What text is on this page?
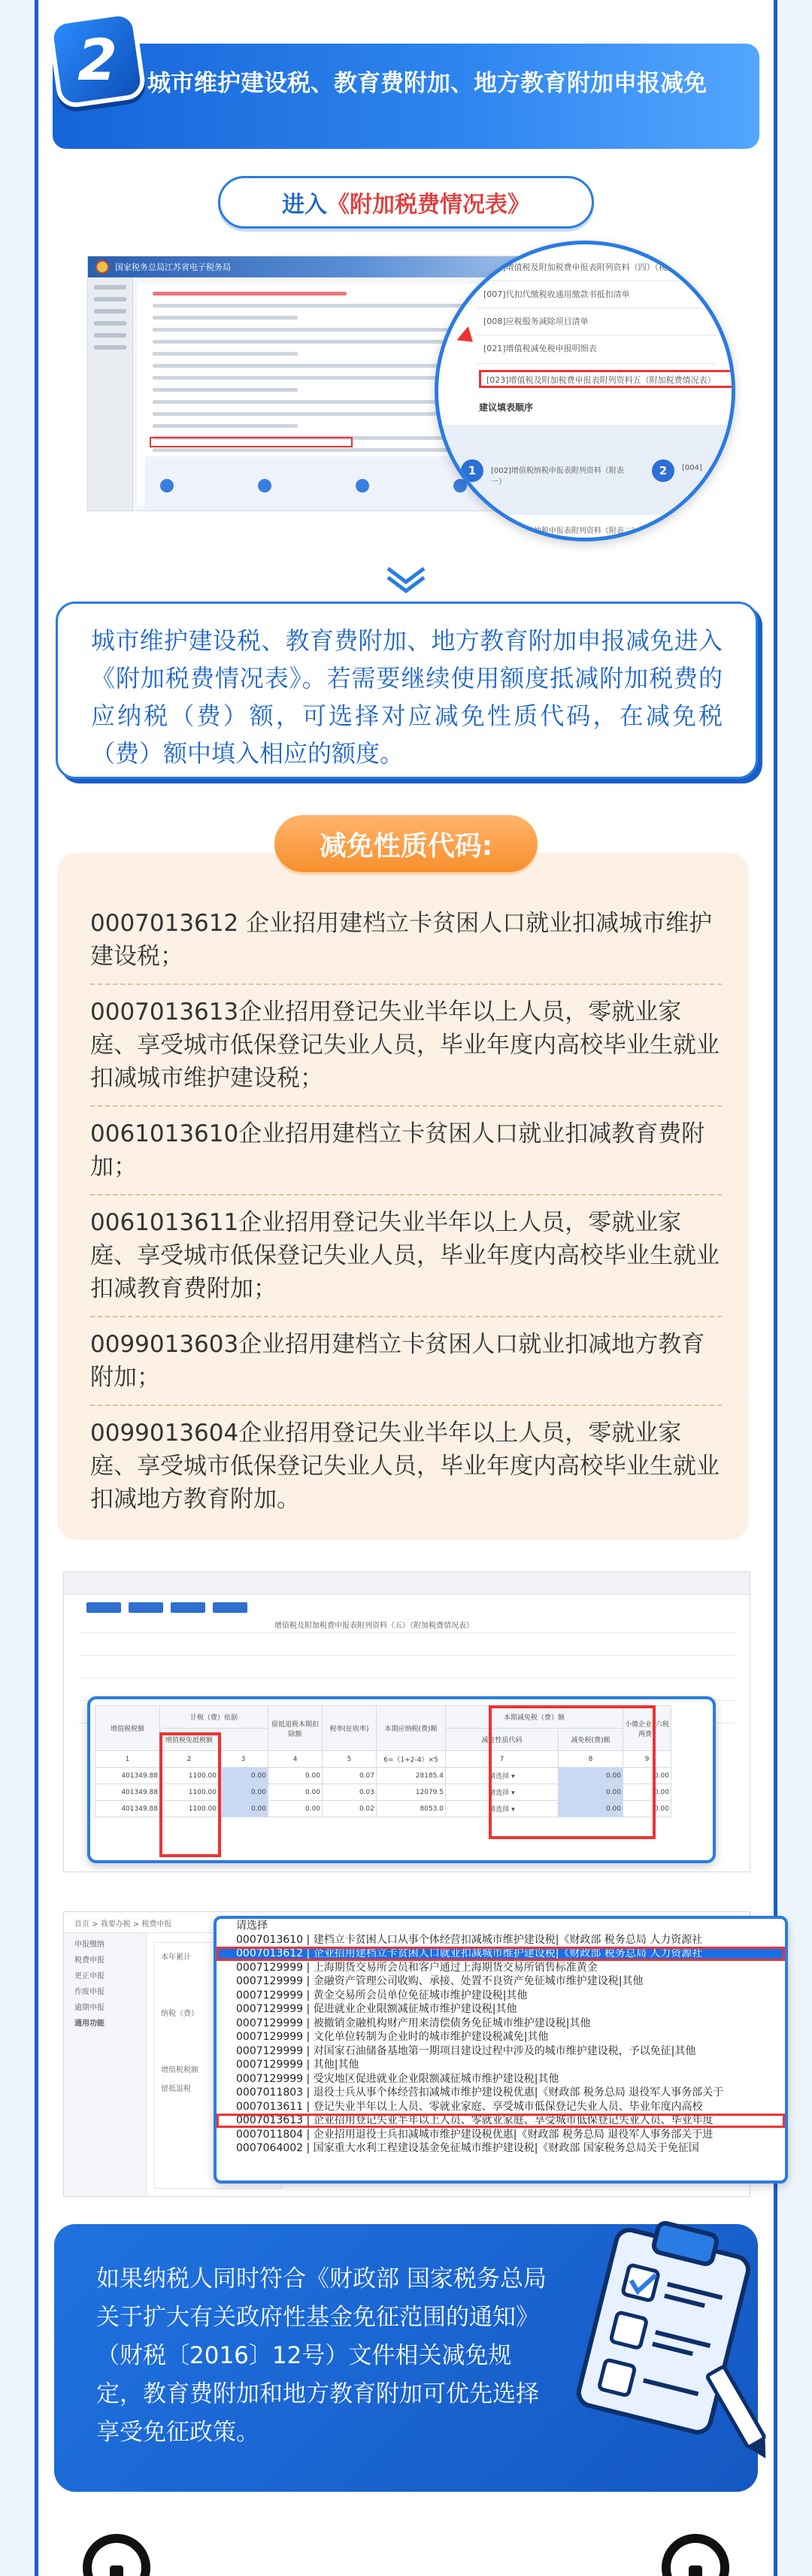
2 城市维护建设税、教育费附加、地方教育附加申报减免
进入 《附加税费情况表》
国家税务总局江苏省电子税务局	[019]增值税及附加税费申报表附列资料（四）（税额抵减...
[007]代扣代缴税收通用缴款书抵扣清单
[008]应税服务减除项目清单
[021]增值税减免税申报明细表
[023]增值税及附加税费申报表附列资料五（附加税费情况表）
建议填表顺序
1	[002]增值税纳税申报表附列资料（附表一）
2	[004]
[005]增值税纳税申报表附列资料（附表二）
城市维护建设税、教育费附加、地方教育附加申报减免进入《附加税费情况表》。若需要继续使用额度抵减附加税费的应纳税（费）额，可选择对应减免性质代码，在减免税（费）额中填入相应的额度。
0007013612 企业招用建档立卡贫困人口就业扣减城市维护建设税；
0007013613企业招用登记失业半年以上人员，零就业家庭、享受城市低保登记失业人员，毕业年度内高校毕业生就业扣减城市维护建设税；
0061013610企业招用建档立卡贫困人口就业扣减教育费附加；
0061013611企业招用登记失业半年以上人员，零就业家庭、享受城市低保登记失业人员，毕业年度内高校毕业生就业扣减教育费附加；
0099013603企业招用建档立卡贫困人口就业扣减地方教育附加；
0099013604企业招用登记失业半年以上人员，零就业家庭、享受城市低保登记失业人员，毕业年度内高校毕业生就业扣减地方教育附加。
减免性质代码:
增值税及附加税费申报表附列资料（五）（附加税费情况表）
增值税税额	计税（费）依据		留抵退税本期扣除额	税率(征收率)	本期应纳税(费)额	本期减免税（费）额		小微企业“六税两费”
	增值税免抵税额					减免性质代码	减免税(费)额	
1	2	3	4	5	6=（1+2-4）×5	7	8	9
401349.88	1100.00	0.00	0.00	0.07	28185.4	请选择 ▾	0.00	0.00
401349.88	1100.00	0.00	0.00	0.03	12079.5	请选择 ▾	0.00	0.00
401349.88	1100.00	0.00	0.00	0.02	8053.0	请选择 ▾	0.00	0.00
首页 > 我要办税 > 税费申报
申报缴纳
税费申报
更正申报
作废申报
逾期申报
通用功能
本年累计
纳税（费）
增值税税额
留抵退税
请选择
0007013610 | 建档立卡贫困人口从事个体经营扣减城市维护建设税|《财政部 税务总局 人力资源社
0007013612 | 企业招用建档立卡贫困人口就业扣减城市维护建设税|《财政部 税务总局 人力资源社
0007129999 | 上海期货交易所会员和客户通过上海期货交易所销售标准黄金
0007129999 | 金融资产管理公司收购、承接、处置不良资产免征城市维护建设税|其他
0007129999 | 黄金交易所会员单位免征城市维护建设税|其他
0007129999 | 促进就业企业限额减征城市维护建设税|其他
0007129999 | 被撤销金融机构财产用来清偿债务免征城市维护建设税|其他
0007129999 | 文化单位转制为企业时的城市维护建设税减免|其他
0007129999 | 对国家石油储备基地第一期项目建设过程中涉及的城市维护建设税，予以免征|其他
0007129999 | 其他|其他
0007129999 | 受灾地区促进就业企业限额减征城市维护建设税|其他
0007011803 | 退役士兵从事个体经营扣减城市维护建设税优惠|《财政部 税务总局 退役军人事务部关于
0007013611 | 登记失业半年以上人员、零就业家庭、享受城市低保登记失业人员、毕业年度内高校
0007013613 | 企业招用登记失业半年以上人员、零就业家庭、享受城市低保登记失业人员、毕业年度
0007011804 | 企业招用退役士兵扣减城市维护建设税优惠|《财政部 税务总局 退役军人事务部关于进
0007064002 | 国家重大水利工程建设基金免征城市维护建设税|《财政部 国家税务总局关于免征国
如果纳税人同时符合《财政部 国家税务总局关于扩大有关政府性基金免征范围的通知》（财税〔2016〕12号）文件相关减免规定，教育费附加和地方教育附加可优先选择享受免征政策。
